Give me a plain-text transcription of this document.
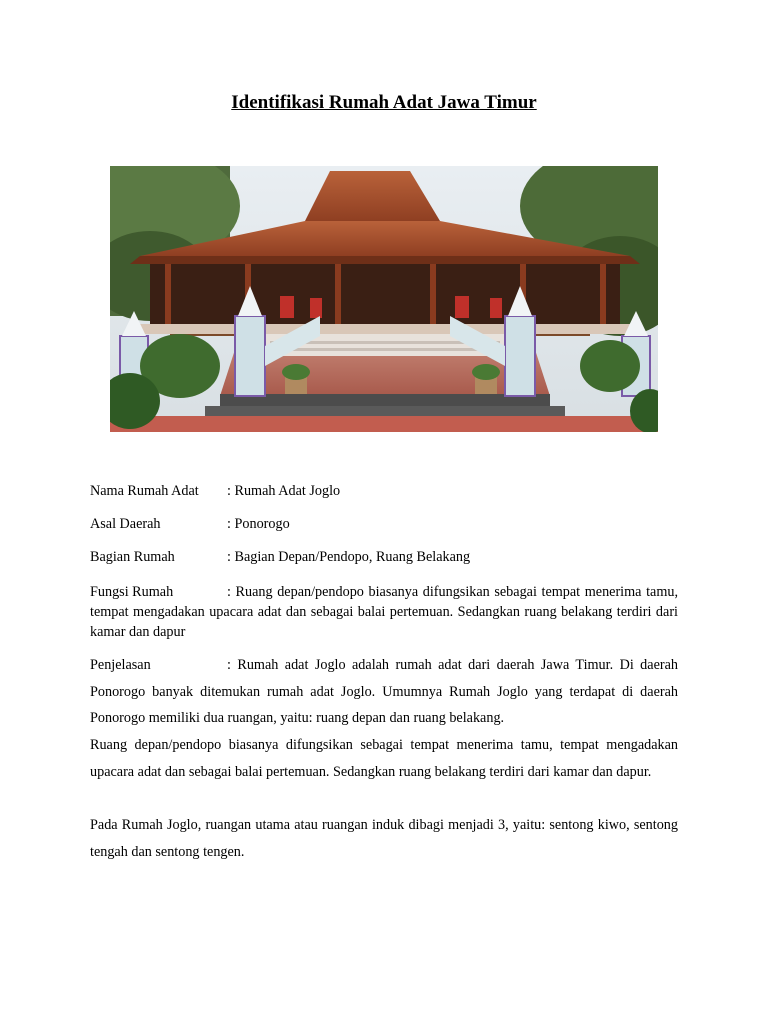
Identifikasi Rumah Adat Jawa Timur
Nama Rumah Adat : Rumah Adat Joglo
Asal Daerah	: Ponorogo
Bagian Rumah	: Bagian Depan/Pendopo, Ruang Belakang

Fungsi Rumah	: Ruang depan/pendopo biasanya difungsikan sebagai tempat menerima tamu, tempat mengadakan upacara adat dan sebagai balai pertemuan. Sedangkan ruang belakang terdiri dari kamar dan dapur

Penjelasan	: Rumah adat Joglo adalah rumah adat dari daerah Jawa Timur. Di daerah Ponorogo banyak ditemukan rumah adat Joglo. Umumnya Rumah Joglo yang terdapat di daerah Ponorogo memiliki dua ruangan, yaitu: ruang depan dan ruang belakang.

Ruang depan/pendopo biasanya difungsikan sebagai tempat menerima tamu, tempat mengadakan upacara adat dan sebagai balai pertemuan. Sedangkan ruang belakang terdiri dari kamar dan dapur.

Pada Rumah Joglo, ruangan utama atau ruangan induk dibagi menjadi 3, yaitu: sentong kiwo, sentong tengah dan sentong tengen.
